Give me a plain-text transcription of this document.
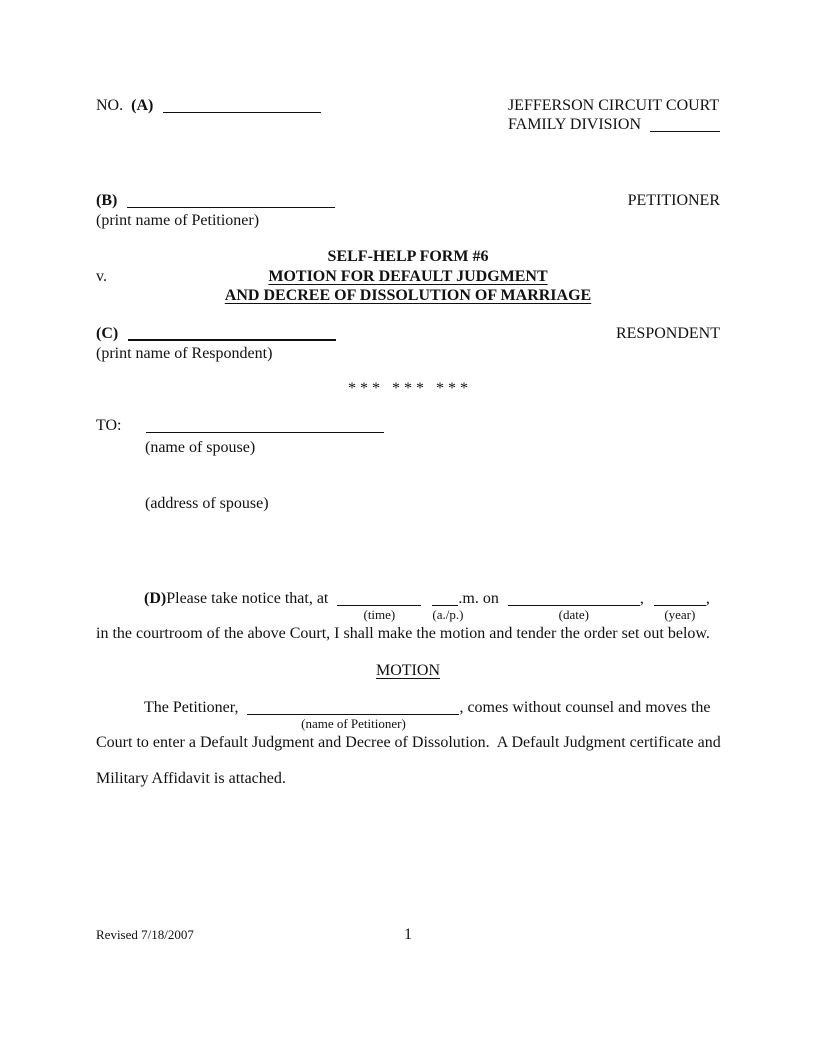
NO. (A)	JEFFERSON CIRCUIT COURT
FAMILY DIVISION
(B)	PETITIONER
(print name of Petitioner)
v.
SELF-HELP FORM #6
MOTION FOR DEFAULT JUDGMENT
AND DECREE OF DISSOLUTION OF MARRIAGE
(C)	RESPONDENT
(print name of Respondent)
* * *   * * *   * * *
TO:
(name of spouse)
(address of spouse)
(D)Please take notice that, at
(time)
	(a./p.)
.m. on
(date)
,
(year)
,
in the courtroom of the above Court, I shall make the motion and tender the order set out below.
MOTION
The Petitioner,
(name of Petitioner)
, comes without counsel and moves the
Court to enter a Default Judgment and Decree of Dissolution.  A Default Judgment certificate and
Military Affidavit is attached.
Revised 7/18/2007	1
